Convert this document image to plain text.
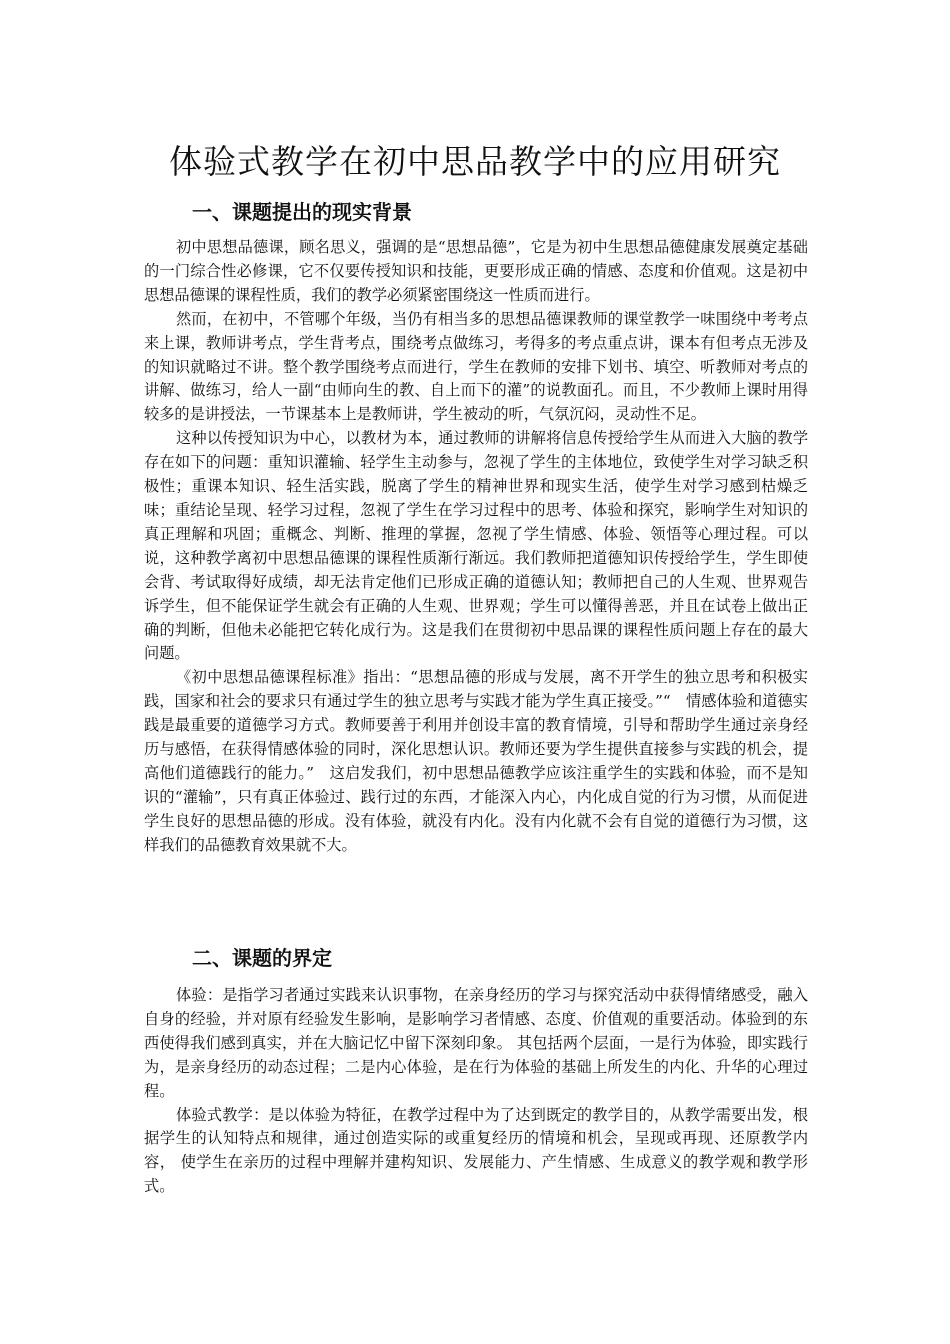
体验式教学在初中思品教学中的应用研究
一、课题提出的现实背景

初中思想品德课，顾名思义，强调的是“思想品德”，它是为初中生思想品德健康发展奠定基础的一门综合性必修课，它不仅要传授知识和技能，更要形成正确的情感、态度和价值观。这是初中思想品德课的课程性质，我们的教学必须紧密围绕这一性质而进行。

然而，在初中，不管哪个年级，当仍有相当多的思想品德课教师的课堂教学一味围绕中考考点来上课，教师讲考点，学生背考点，围绕考点做练习，考得多的考点重点讲，课本有但考点无涉及的知识就略过不讲。整个教学围绕考点而进行，学生在教师的安排下划书、填空、听教师对考点的讲解、做练习，给人一副“由师向生的教、自上而下的灌”的说教面孔。而且，不少教师上课时用得较多的是讲授法，一节课基本上是教师讲，学生被动的听，气氛沉闷，灵动性不足。

这种以传授知识为中心，以教材为本，通过教师的讲解将信息传授给学生从而进入大脑的教学存在如下的问题：重知识灌输、轻学生主动参与，忽视了学生的主体地位，致使学生对学习缺乏积极性；重课本知识、轻生活实践，脱离了学生的精神世界和现实生活，使学生对学习感到枯燥乏味；重结论呈现、轻学习过程，忽视了学生在学习过程中的思考、体验和探究，影响学生对知识的真正理解和巩固；重概念、判断、推理的掌握，忽视了学生情感、体验、领悟等心理过程。可以说，这种教学离初中思想品德课的课程性质渐行渐远。我们教师把道德知识传授给学生，学生即使会背、考试取得好成绩，却无法肯定他们已形成正确的道德认知；教师把自己的人生观、世界观告诉学生，但不能保证学生就会有正确的人生观、世界观；学生可以懂得善恶，并且在试卷上做出正确的判断，但他未必能把它转化成行为。这是我们在贯彻初中思品课的课程性质问题上存在的最大问题。

《初中思想品德课程标准》指出：“思想品德的形成与发展，离不开学生的独立思考和积极实践，国家和社会的要求只有通过学生的独立思考与实践才能为学生真正接受。”“　情感体验和道德实践是最重要的道德学习方式。教师要善于利用并创设丰富的教育情境，引导和帮助学生通过亲身经历与感悟，在获得情感体验的同时，深化思想认识。教师还要为学生提供直接参与实践的机会，提高他们道德践行的能力。”　这启发我们，初中思想品德教学应该注重学生的实践和体验，而不是知识的“灌输”，只有真正体验过、践行过的东西，才能深入内心，内化成自觉的行为习惯，从而促进学生良好的思想品德的形成。没有体验，就没有内化。没有内化就不会有自觉的道德行为习惯，这样我们的品德教育效果就不大。

二、课题的界定

体验：是指学习者通过实践来认识事物，在亲身经历的学习与探究活动中获得情绪感受，融入自身的经验，并对原有经验发生影响，是影响学习者情感、态度、价值观的重要活动。体验到的东西使得我们感到真实，并在大脑记忆中留下深刻印象。 其包括两个层面，一是行为体验，即实践行为，是亲身经历的动态过程；二是内心体验，是在行为体验的基础上所发生的内化、升华的心理过程。

体验式教学：是以体验为特征，在教学过程中为了达到既定的教学目的，从教学需要出发，根据学生的认知特点和规律，通过创造实际的或重复经历的情境和机会，呈现或再现、还原教学内容， 使学生在亲历的过程中理解并建构知识、发展能力、产生情感、生成意义的教学观和教学形式。
